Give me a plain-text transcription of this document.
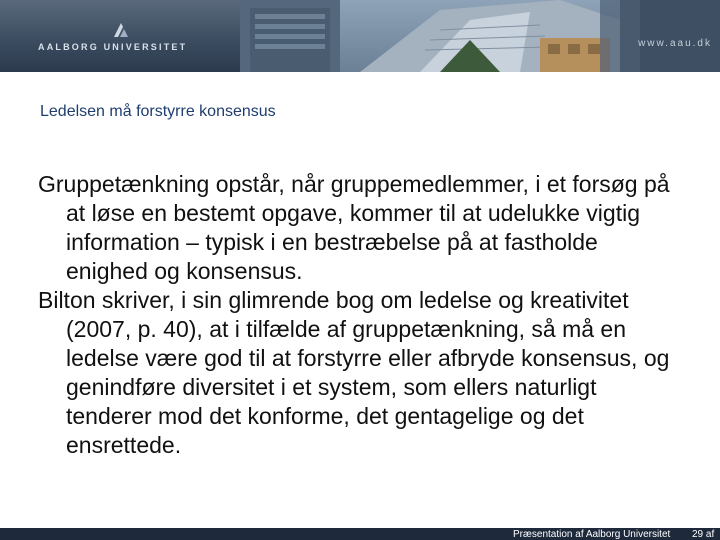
AALBORG UNIVERSITET	www.aau.dk
Ledelsen må forstyrre konsensus

Gruppetænkning opstår, når gruppemedlemmer, i et forsøg på at løse en bestemt opgave, kommer til at udelukke vigtig information – typisk i en bestræbelse på at fastholde enighed og konsensus.

Bilton skriver, i sin glimrende bog om ledelse og kreativitet (2007, p. 40), at i tilfælde af gruppetænkning, så må en ledelse være god til at forstyrre eller afbryde konsensus, og genindføre diversitet i et system, som ellers naturligt tenderer mod det konforme, det gentagelige og det ensrettede.

Præsentation af Aalborg Universitet 29 af
